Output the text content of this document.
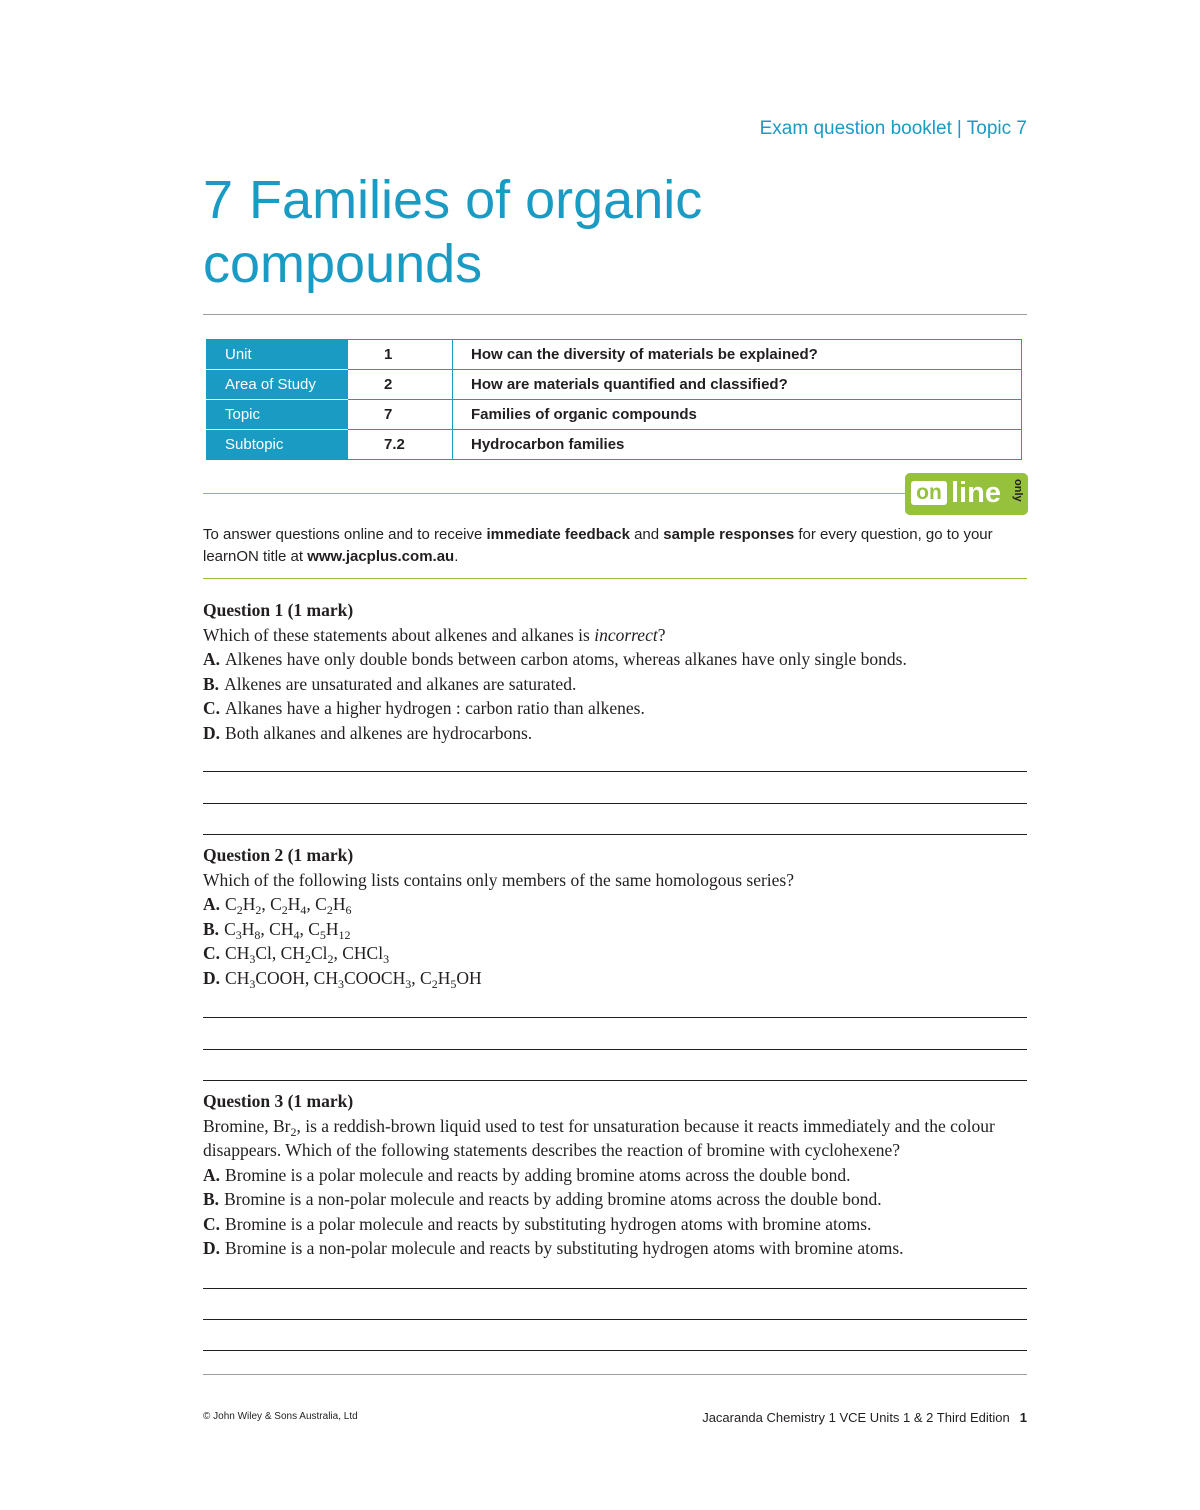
Exam question booklet | Topic 7
7 Families of organic
compounds
Unit	1	How can the diversity of materials be explained?
Area of Study	2	How are materials quantified and classified?
Topic	7	Families of organic compounds
Subtopic	7.2	Hydrocarbon families
on line only
To answer questions online and to receive immediate feedback and sample responses for every question, go to your learnON title at www.jacplus.com.au.
Question 1 (1 mark)
Which of these statements about alkenes and alkanes is incorrect?
A. Alkenes have only double bonds between carbon atoms, whereas alkanes have only single bonds.
B. Alkenes are unsaturated and alkanes are saturated.
C. Alkanes have a higher hydrogen : carbon ratio than alkenes.
D. Both alkanes and alkenes are hydrocarbons.
Question 2 (1 mark)
Which of the following lists contains only members of the same homologous series?
A. $C_2H_2$, $C_2H_4$, $C_2H_6$
B. $C_3H_8$, $CH_4$, $C_5H_{12}$
C. $CH_3Cl$, $CH_2Cl_2$, CHCl$_3$
D. $CH_3COOH$, $CH_3COOCH_3$, $C_2H_5OH$
Question 3 (1 mark)
Bromine, $Br_2$, is a reddish-brown liquid used to test for unsaturation because it reacts immediately and the colour disappears. Which of the following statements describes the reaction of bromine with cyclohexene?
A. Bromine is a polar molecule and reacts by adding bromine atoms across the double bond.
B. Bromine is a non-polar molecule and reacts by adding bromine atoms across the double bond.
C. Bromine is a polar molecule and reacts by substituting hydrogen atoms with bromine atoms.
D. Bromine is a non-polar molecule and reacts by substituting hydrogen atoms with bromine atoms.
© John Wiley & Sons Australia, Ltd	Jacaranda Chemistry 1 VCE Units 1 & 2 Third Edition 1
